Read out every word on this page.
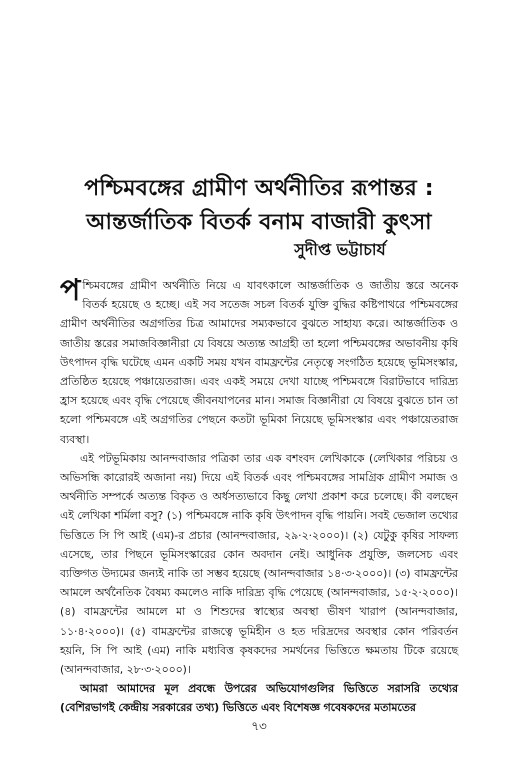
পশ্চিমবঙ্গের গ্রামীণ অর্থনীতির রূপান্তর :
আন্তর্জাতিক বিতর্ক বনাম বাজারী কুৎসা
সুদীপ্ত ভট্টাচার্য

পশ্চিমবঙ্গের গ্রামীণ অর্থনীতি নিয়ে এ যাবৎকালে আন্তর্জাতিক ও জাতীয় স্তরে অনেক বিতর্ক হয়েছে ও হচ্ছে। এই সব সতেজ সচল বিতর্ক যুক্তি বুদ্ধির কষ্টিপাথরে পশ্চিমবঙ্গের গ্রামীণ অর্থনীতির অগ্রগতির চিত্র আমাদের সম্যকভাবে বুঝতে সাহায্য করে। আন্তর্জাতিক ও জাতীয় স্তরের সমাজবিজ্ঞানীরা যে বিষয়ে অত্যন্ত আগ্রহী তা হলো পশ্চিমবঙ্গের অভাবনীয় কৃষি উৎপাদন বৃদ্ধি ঘটেছে এমন একটি সময় যখন বামফ্রন্টের নেতৃত্বে সংগঠিত হয়েছে ভূমিসংস্কার, প্রতিষ্ঠিত হয়েছে পঞ্চায়েতরাজ। এবং একই সময়ে দেখা যাচ্ছে পশ্চিমবঙ্গে বিরাটভাবে দারিদ্র্য হ্রাস হয়েছে এবং বৃদ্ধি পেয়েছে জীবনযাপনের মান। সমাজ বিজ্ঞানীরা যে বিষয়ে বুঝতে চান তা হলো পশ্চিমবঙ্গে এই অগ্রগতির পেছনে কতটা ভূমিকা নিয়েছে ভূমিসংস্কার এবং পঞ্চায়েতরাজ ব্যবস্থা।

এই পটভূমিকায় আনন্দবাজার পত্রিকা তার এক বশংবদ লেখিকাকে (লেখিকার পরিচয় ও অভিসন্ধি কারোরই অজানা নয়) দিয়ে এই বিতর্ক এবং পশ্চিমবঙ্গের সামগ্রিক গ্রামীণ সমাজ ও অর্থনীতি সম্পর্কে অত্যন্ত বিকৃত ও অর্ধসত্যভাবে কিছু লেখা প্রকাশ করে চলেছে। কী বলছেন এই লেখিকা শর্মিলা বসু? (১) পশ্চিমবঙ্গে নাকি কৃষি উৎপাদন বৃদ্ধি পায়নি। সবই ভেজাল তথ্যের ভিত্তিতে সি পি আই (এম)-র প্রচার (আনন্দবাজার, ২৯·২·২০০০)। (২) যেটুকু কৃষির সাফল্য এসেছে, তার পিছনে ভূমিসংস্কারের কোন অবদান নেই। আধুনিক প্রযুক্তি, জলসেচ এবং ব্যক্তিগত উদ্যমের জন্যই নাকি তা সম্ভব হয়েছে (আনন্দবাজার ১৪·৩·২০০০)। (৩) বামফ্রন্টের আমলে অর্থনৈতিক বৈষম্য কমলেও নাকি দারিদ্র্য বৃদ্ধি পেয়েছে (আনন্দবাজার, ১৫·২·২০০০)। (৪) বামফ্রন্টের আমলে মা ও শিশুদের স্বাস্থ্যের অবস্থা ভীষণ খারাপ (আনন্দবাজার, ১১·৪·২০০০)। (৫) বামফ্রন্টের রাজত্বে ভূমিহীন ও হত দরিদ্রদের অবস্থার কোন পরিবর্তন হয়নি, সি পি আই (এম) নাকি মধ্যবিত্ত কৃষকদের সমর্থনের ভিত্তিতে ক্ষমতায় টিকে রয়েছে (আনন্দবাজার, ২৮·৩·২০০০)।

আমরা আমাদের মূল প্রবন্ধে উপরের অভিযোগগুলির ভিত্তিতে সরাসরি তথ্যের (বেশিরভাগই কেন্দ্রীয় সরকারের তথ্য) ভিত্তিতে এবং বিশেষজ্ঞ গবেষকদের মতামতের

৭৩
